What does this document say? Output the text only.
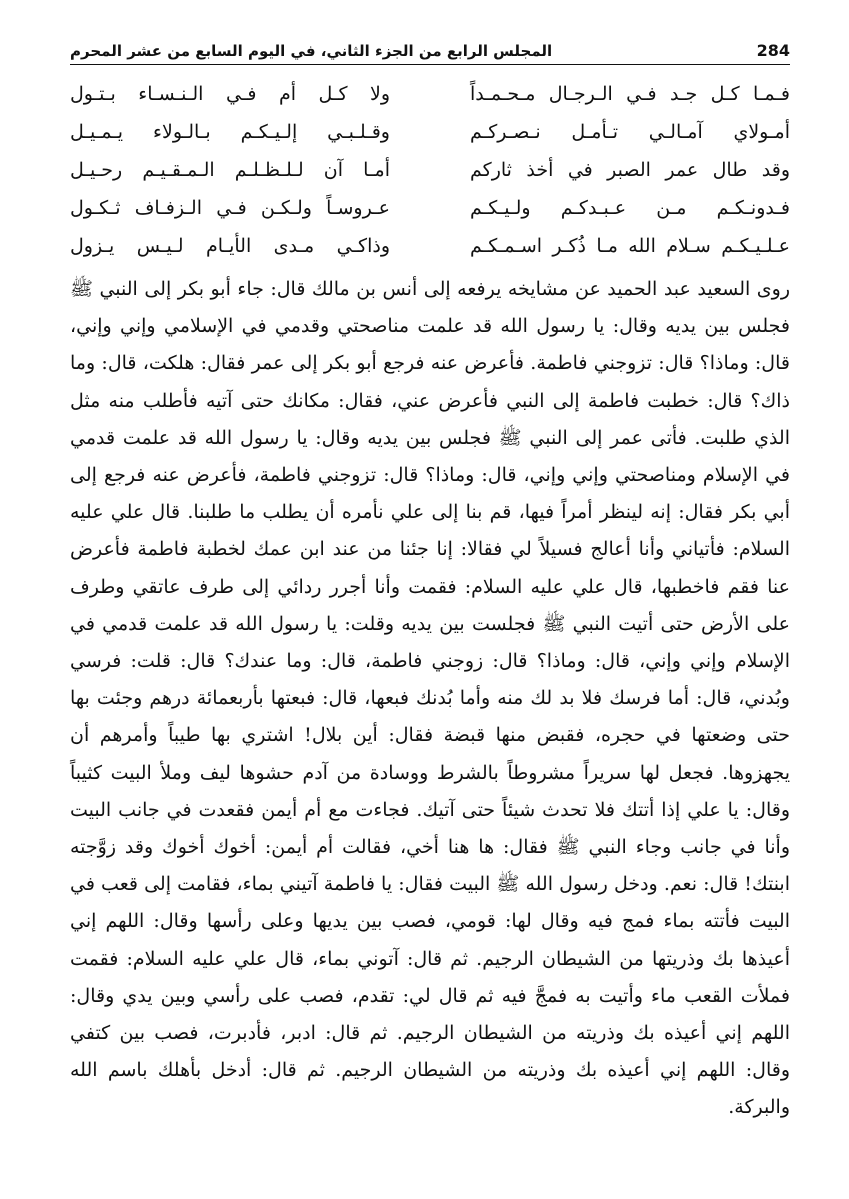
284
المجلس الرابع من الجزء الثاني، في اليوم السابع من عشر المحرم
فـمـا كـل جـد فـي الـرجـال مـحـمـداً
ولا كـل أم فـي الـنـسـاء بـتـول
أمـولاي آمـالـي تـأمـل نـصـركـم
وقـلـبـي إلـيـكـم بـالـولاء يـمـيـل
وقد طال عمر الصبر في أخذ ثاركم
أمـا آن لـلـظـلـم الـمـقـيـم رحـيـل
فـدونـكـم مـن عـبـدكـم ولـيـكـم
عـروسـاً ولـكـن فـي الـزفـاف ثـكـول
عـلـيـكـم سـلام الله مـا ذُكـر اسـمـكـم
وذاكـي مـدى الأيـام لـيـس يـزول

روى السعيد عبد الحميد عن مشايخه يرفعه إلى أنس بن مالك قال: جاء أبو بكر إلى النبي ﷺ فجلس بين يديه وقال: يا رسول الله قد علمت مناصحتي وقدمي في الإسلامي وإني وإني، قال: وماذا؟ قال: تزوجني فاطمة. فأعرض عنه فرجع أبو بكر إلى عمر فقال: هلكت، قال: وما ذاك؟ قال: خطبت فاطمة إلى النبي فأعرض عني، فقال: مكانك حتى آتيه فأطلب منه مثل الذي طلبت. فأتى عمر إلى النبي ﷺ فجلس بين يديه وقال: يا رسول الله قد علمت قدمي في الإسلام ومناصحتي وإني وإني، قال: وماذا؟ قال: تزوجني فاطمة، فأعرض عنه فرجع إلى أبي بكر فقال: إنه لينظر أمراً فيها، قم بنا إلى علي نأمره أن يطلب ما طلبنا. قال علي عليه السلام: فأتياني وأنا أعالج فسيلاً لي فقالا: إنا جئنا من عند ابن عمك لخطبة فاطمة فأعرض عنا فقم فاخطبها، قال علي عليه السلام: فقمت وأنا أجرر ردائي إلى طرف عاتقي وطرف على الأرض حتى أتيت النبي ﷺ فجلست بين يديه وقلت: يا رسول الله قد علمت قدمي في الإسلام وإني وإني، قال: وماذا؟ قال: زوجني فاطمة، قال: وما عندك؟ قال: قلت: فرسي وبُدني، قال: أما فرسك فلا بد لك منه وأما بُدنك فبعها، قال: فبعتها بأربعمائة درهم وجئت بها حتى وضعتها في حجره، فقبض منها قبضة فقال: أين بلال! اشتري بها طيباً وأمرهم أن يجهزوها. فجعل لها سريراً مشروطاً بالشرط ووسادة من آدم حشوها ليف وملأ البيت كثيباً وقال: يا علي إذا أتتك فلا تحدث شيئاً حتى آتيك. فجاءت مع أم أيمن فقعدت في جانب البيت وأنا في جانب وجاء النبي ﷺ فقال: ها هنا أخي، فقالت أم أيمن: أخوك أخوك وقد زوَّجته ابنتك! قال: نعم. ودخل رسول الله ﷺ البيت فقال: يا فاطمة آتيني بماء، فقامت إلى قعب في البيت فأتته بماء فمج فيه وقال لها: قومي، فصب بين يديها وعلى رأسها وقال: اللهم إني أعيذها بك وذريتها من الشيطان الرجيم. ثم قال: آتوني بماء، قال علي عليه السلام: فقمت فملأت القعب ماء وأتيت به فمجَّ فيه ثم قال لي: تقدم، فصب على رأسي وبين يدي وقال: اللهم إني أعيذه بك وذريته من الشيطان الرجيم. ثم قال: ادبر، فأدبرت، فصب بين كتفي وقال: اللهم إني أعيذه بك وذريته من الشيطان الرجيم. ثم قال: أدخل بأهلك باسم الله والبركة.
